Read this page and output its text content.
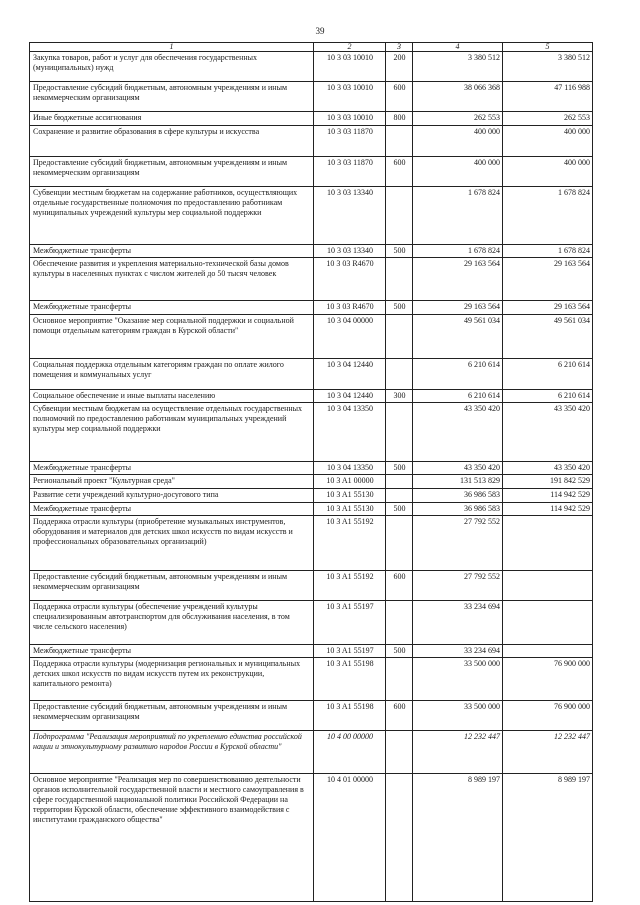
39
1	2	3	4	5
Закупка товаров, работ и услуг для обеспечения государственных (муниципальных) нужд	10 3 03 10010	200	3 380 512	3 380 512
Предоставление субсидий бюджетным, автономным учреждениям и иным некоммерческим организациям	10 3 03 10010	600	38 066 368	47 116 988
Иные бюджетные ассигнования	10 3 03 10010	800	262 553	262 553
Сохранение и развитие образования в сфере культуры и искусства	10 3 03 11870		400 000	400 000
Предоставление субсидий бюджетным, автономным учреждениям и иным некоммерческим организациям	10 3 03 11870	600	400 000	400 000
Субвенции местным бюджетам на содержание работников, осуществляющих отдельные государственные полномочия по предоставлению работникам муниципальных учреждений культуры мер социальной поддержки	10 3 03 13340		1 678 824	1 678 824
Межбюджетные трансферты	10 3 03 13340	500	1 678 824	1 678 824
Обеспечение развития и укрепления материально-технической базы домов культуры в населенных пунктах с числом жителей до 50 тысяч человек	10 3 03 R4670		29 163 564	29 163 564
Межбюджетные трансферты	10 3 03 R4670	500	29 163 564	29 163 564
Основное мероприятие "Оказание мер социальной поддержки и социальной помощи отдельным категориям граждан в Курской области"	10 3 04 00000		49 561 034	49 561 034
Социальная поддержка отдельным категориям граждан по оплате жилого помещения и коммунальных услуг	10 3 04 12440		6 210 614	6 210 614
Социальное обеспечение и иные выплаты населению	10 3 04 12440	300	6 210 614	6 210 614
Субвенции местным бюджетам на осуществление отдельных государственных полномочий по предоставлению работникам муниципальных учреждений культуры мер социальной поддержки	10 3 04 13350		43 350 420	43 350 420
Межбюджетные трансферты	10 3 04 13350	500	43 350 420	43 350 420
Региональный проект "Культурная среда"	10 3 A1 00000		131 513 829	191 842 529
Развитие сети учреждений культурно-досугового типа	10 3 A1 55130		36 986 583	114 942 529
Межбюджетные трансферты	10 3 A1 55130	500	36 986 583	114 942 529
Поддержка отрасли культуры (приобретение музыкальных инструментов, оборудования и материалов для детских школ искусств по видам искусств и профессиональных образовательных организаций)	10 3 A1 55192		27 792 552	
Предоставление субсидий бюджетным, автономным учреждениям и иным некоммерческим организациям	10 3 A1 55192	600	27 792 552	
Поддержка отрасли культуры (обеспечение учреждений культуры специализированным автотранспортом для обслуживания населения, в том числе сельского населения)	10 3 A1 55197		33 234 694	
Межбюджетные трансферты	10 3 A1 55197	500	33 234 694	
Поддержка отрасли культуры (модернизация региональных и муниципальных детских школ искусств по видам искусств путем их реконструкции, капитального ремонта)	10 3 A1 55198		33 500 000	76 900 000
Предоставление субсидий бюджетным, автономным учреждениям и иным некоммерческим организациям	10 3 A1 55198	600	33 500 000	76 900 000
Подпрограмма "Реализация мероприятий по укреплению единства российской нации и этнокультурному развитию народов России в Курской области"	10 4 00 00000		12 232 447	12 232 447
Основное мероприятие "Реализация мер по совершенствованию деятельности органов исполнительной государственной власти и местного самоуправления в сфере государственной национальной политики Российской Федерации на территории Курской области, обеспечение эффективного взаимодействия с институтами гражданского общества"	10 4 01 00000		8 989 197	8 989 197
